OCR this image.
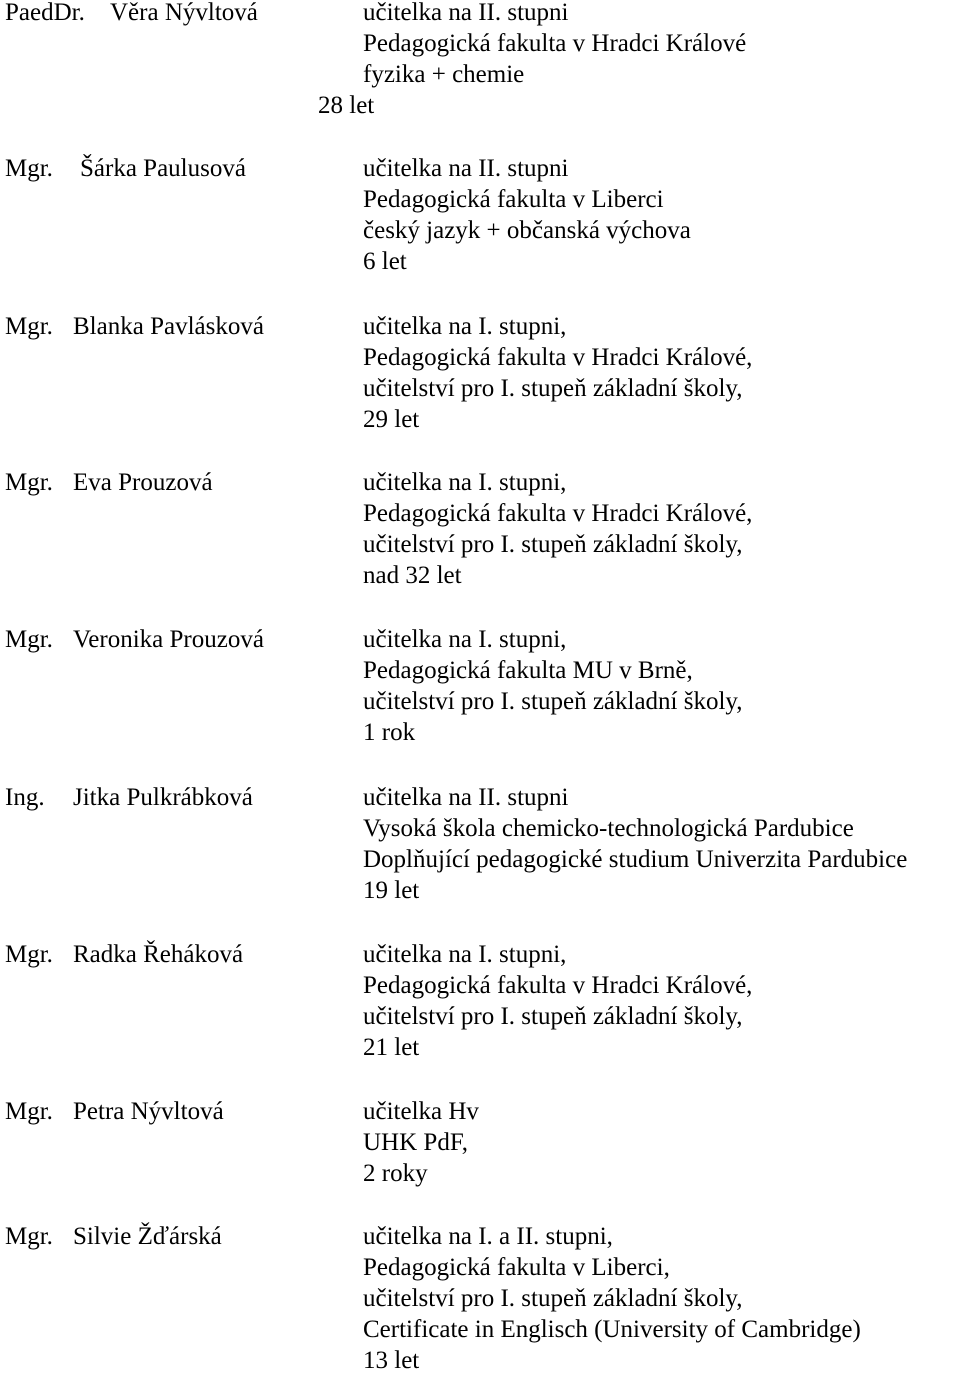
PaedDr. Věra Nývltová	učitelka na II. stupni
Pedagogická fakulta v Hradci Králové
fyzika + chemie
28 let
Mgr. Šárka Paulusová	učitelka na II. stupni
Pedagogická fakulta v Liberci
český jazyk + občanská výchova
6 let
Mgr. Blanka Pavlásková	učitelka na I. stupni,
Pedagogická fakulta v Hradci Králové,
učitelství pro I. stupeň základní školy,
29 let
Mgr. Eva Prouzová	učitelka na I. stupni,
Pedagogická fakulta v Hradci Králové,
učitelství pro I. stupeň základní školy,
nad 32 let
Mgr. Veronika Prouzová	učitelka na I. stupni,
Pedagogická fakulta MU v Brně,
učitelství pro I. stupeň základní školy,
1 rok
Ing. Jitka Pulkrábková	učitelka na II. stupni
Vysoká škola chemicko-technologická Pardubice
Doplňující pedagogické studium Univerzita Pardubice
19 let
Mgr. Radka Řeháková	učitelka na I. stupni,
Pedagogická fakulta v Hradci Králové,
učitelství pro I. stupeň základní školy,
21 let
Mgr. Petra Nývltová	učitelka Hv
UHK PdF,
2 roky
Mgr. Silvie Žďárská	učitelka na I. a II. stupni,
Pedagogická fakulta v Liberci,
učitelství pro I. stupeň základní školy,
Certificate in Englisch (University of Cambridge)
13 let
